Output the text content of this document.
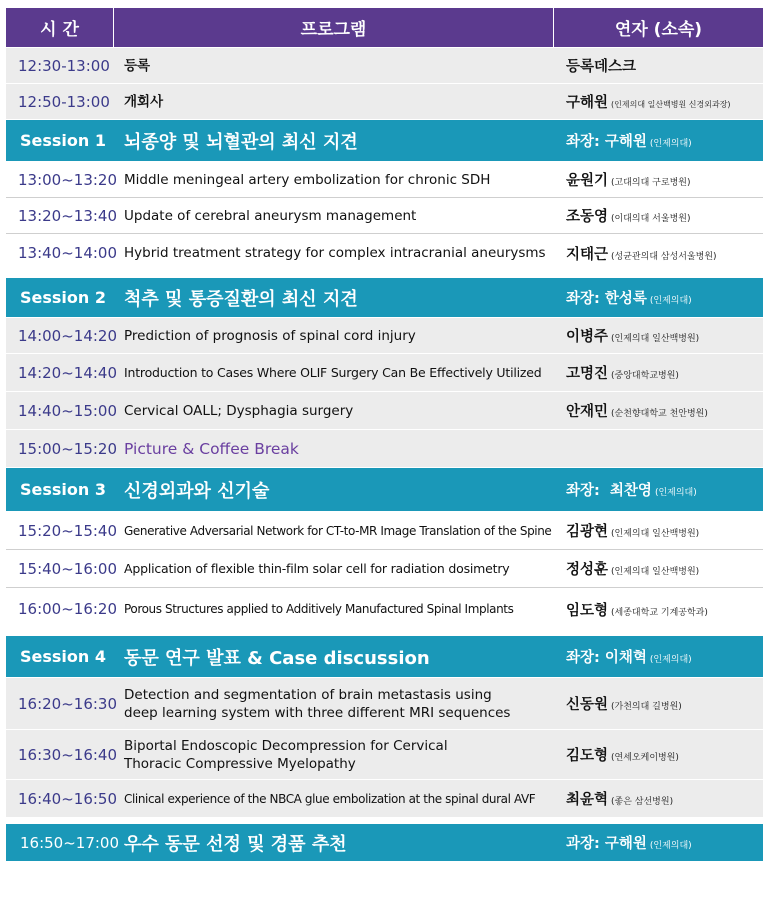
시 간	프로그램	연자 (소속)
12:30-13:00	등록	등록데스크
12:50-13:00	개회사	구해원 (인제의대 일산백병원 신경외과장)
Session 1	뇌종양 및 뇌혈관의 최신 지견	좌장: 구해원 (인제의대)
13:00~13:20 Middle meningeal artery embolization for chronic SDH	윤원기 (고대의대 구로병원)
13:20~13:40 Update of cerebral aneurysm management	조동영 (이대의대 서울병원)
13:40~14:00 Hybrid treatment strategy for complex intracranial aneurysms	지태근 (성균관의대 삼성서울병원)
Session 2	척추 및 통증질환의 최신 지견	좌장: 한성록 (인제의대)
14:00~14:20 Prediction of prognosis of spinal cord injury	이병주 (인제의대 일산백병원)
14:20~14:40 Introduction to Cases Where OLIF Surgery Can Be Effectively Utilized	고명진 (중앙대학교병원)
14:40~15:00 Cervical OALL; Dysphagia surgery	안재민 (순천향대학교 천안병원)
15:00~15:20 Picture & Coffee Break
Session 3	신경외과와 신기술	좌장:  최찬영 (인제의대)
15:20~15:40 Generative Adversarial Network for CT-to-MR Image Translation of the Spine	김광현 (인제의대 일산백병원)
15:40~16:00 Application of flexible thin-film solar cell for radiation dosimetry	정성훈 (인제의대 일산백병원)
16:00~16:20 Porous Structures applied to Additively Manufactured Spinal Implants	임도형 (세종대학교 기계공학과)
Session 4	동문 연구 발표 & Case discussion	좌장: 이채혁 (인제의대)
16:20~16:30 Detection and segmentation of brain metastasis using
deep learning system with three different MRI sequences	신동원 (가천의대 길병원)
16:30~16:40 Biportal Endoscopic Decompression for Cervical
Thoracic Compressive Myelopathy	김도형 (연세오케이병원)
16:40~16:50 Clinical experience of the NBCA glue embolization at the spinal dural AVF	최윤혁 (좋은 삼선병원)
16:50~17:00 우수 동문 선정 및 경품 추천	과장: 구해원 (인제의대)
